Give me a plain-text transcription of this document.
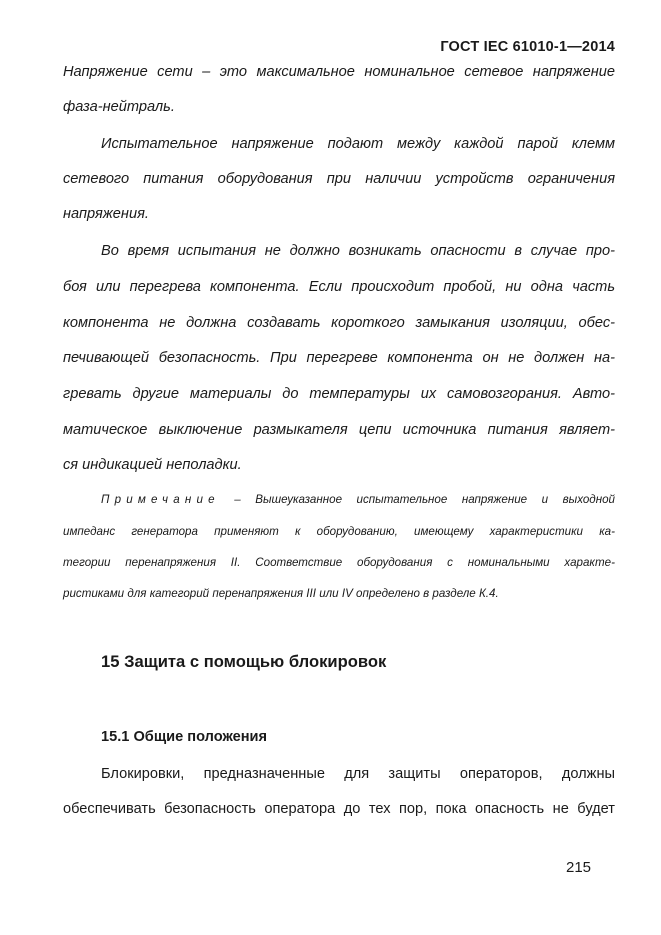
ГОСТ IEC 61010-1—2014
Напряжение сети – это максимальное номинальное сетевое напряжение
фаза-нейтраль.
Испытательное напряжение подают между каждой парой клемм
сетевого питания оборудования при наличии устройств ограничения
напряжения.
Во время испытания не должно возникать опасности в случае про-
боя или перегрева компонента. Если происходит пробой, ни одна часть
компонента не должна создавать короткого замыкания изоляции, обес-
печивающей безопасность. При перегреве компонента он не должен на-
гревать другие материалы до температуры их самовозгорания. Авто-
матическое выключение размыкателя цепи источника питания являет-
ся индикацией неполадки.
Примечание – Вышеуказанное испытательное напряжение и выходной
импеданс генератора применяют к оборудованию, имеющему характеристики ка-
тегории перенапряжения II. Соответствие оборудования с номинальными характе-
ристиками для категорий перенапряжения III или IV определено в разделе К.4.
15 Защита с помощью блокировок
15.1 Общие положения
Блокировки, предназначенные для защиты операторов, должны
обеспечивать безопасность оператора до тех пор, пока опасность не будет
215
